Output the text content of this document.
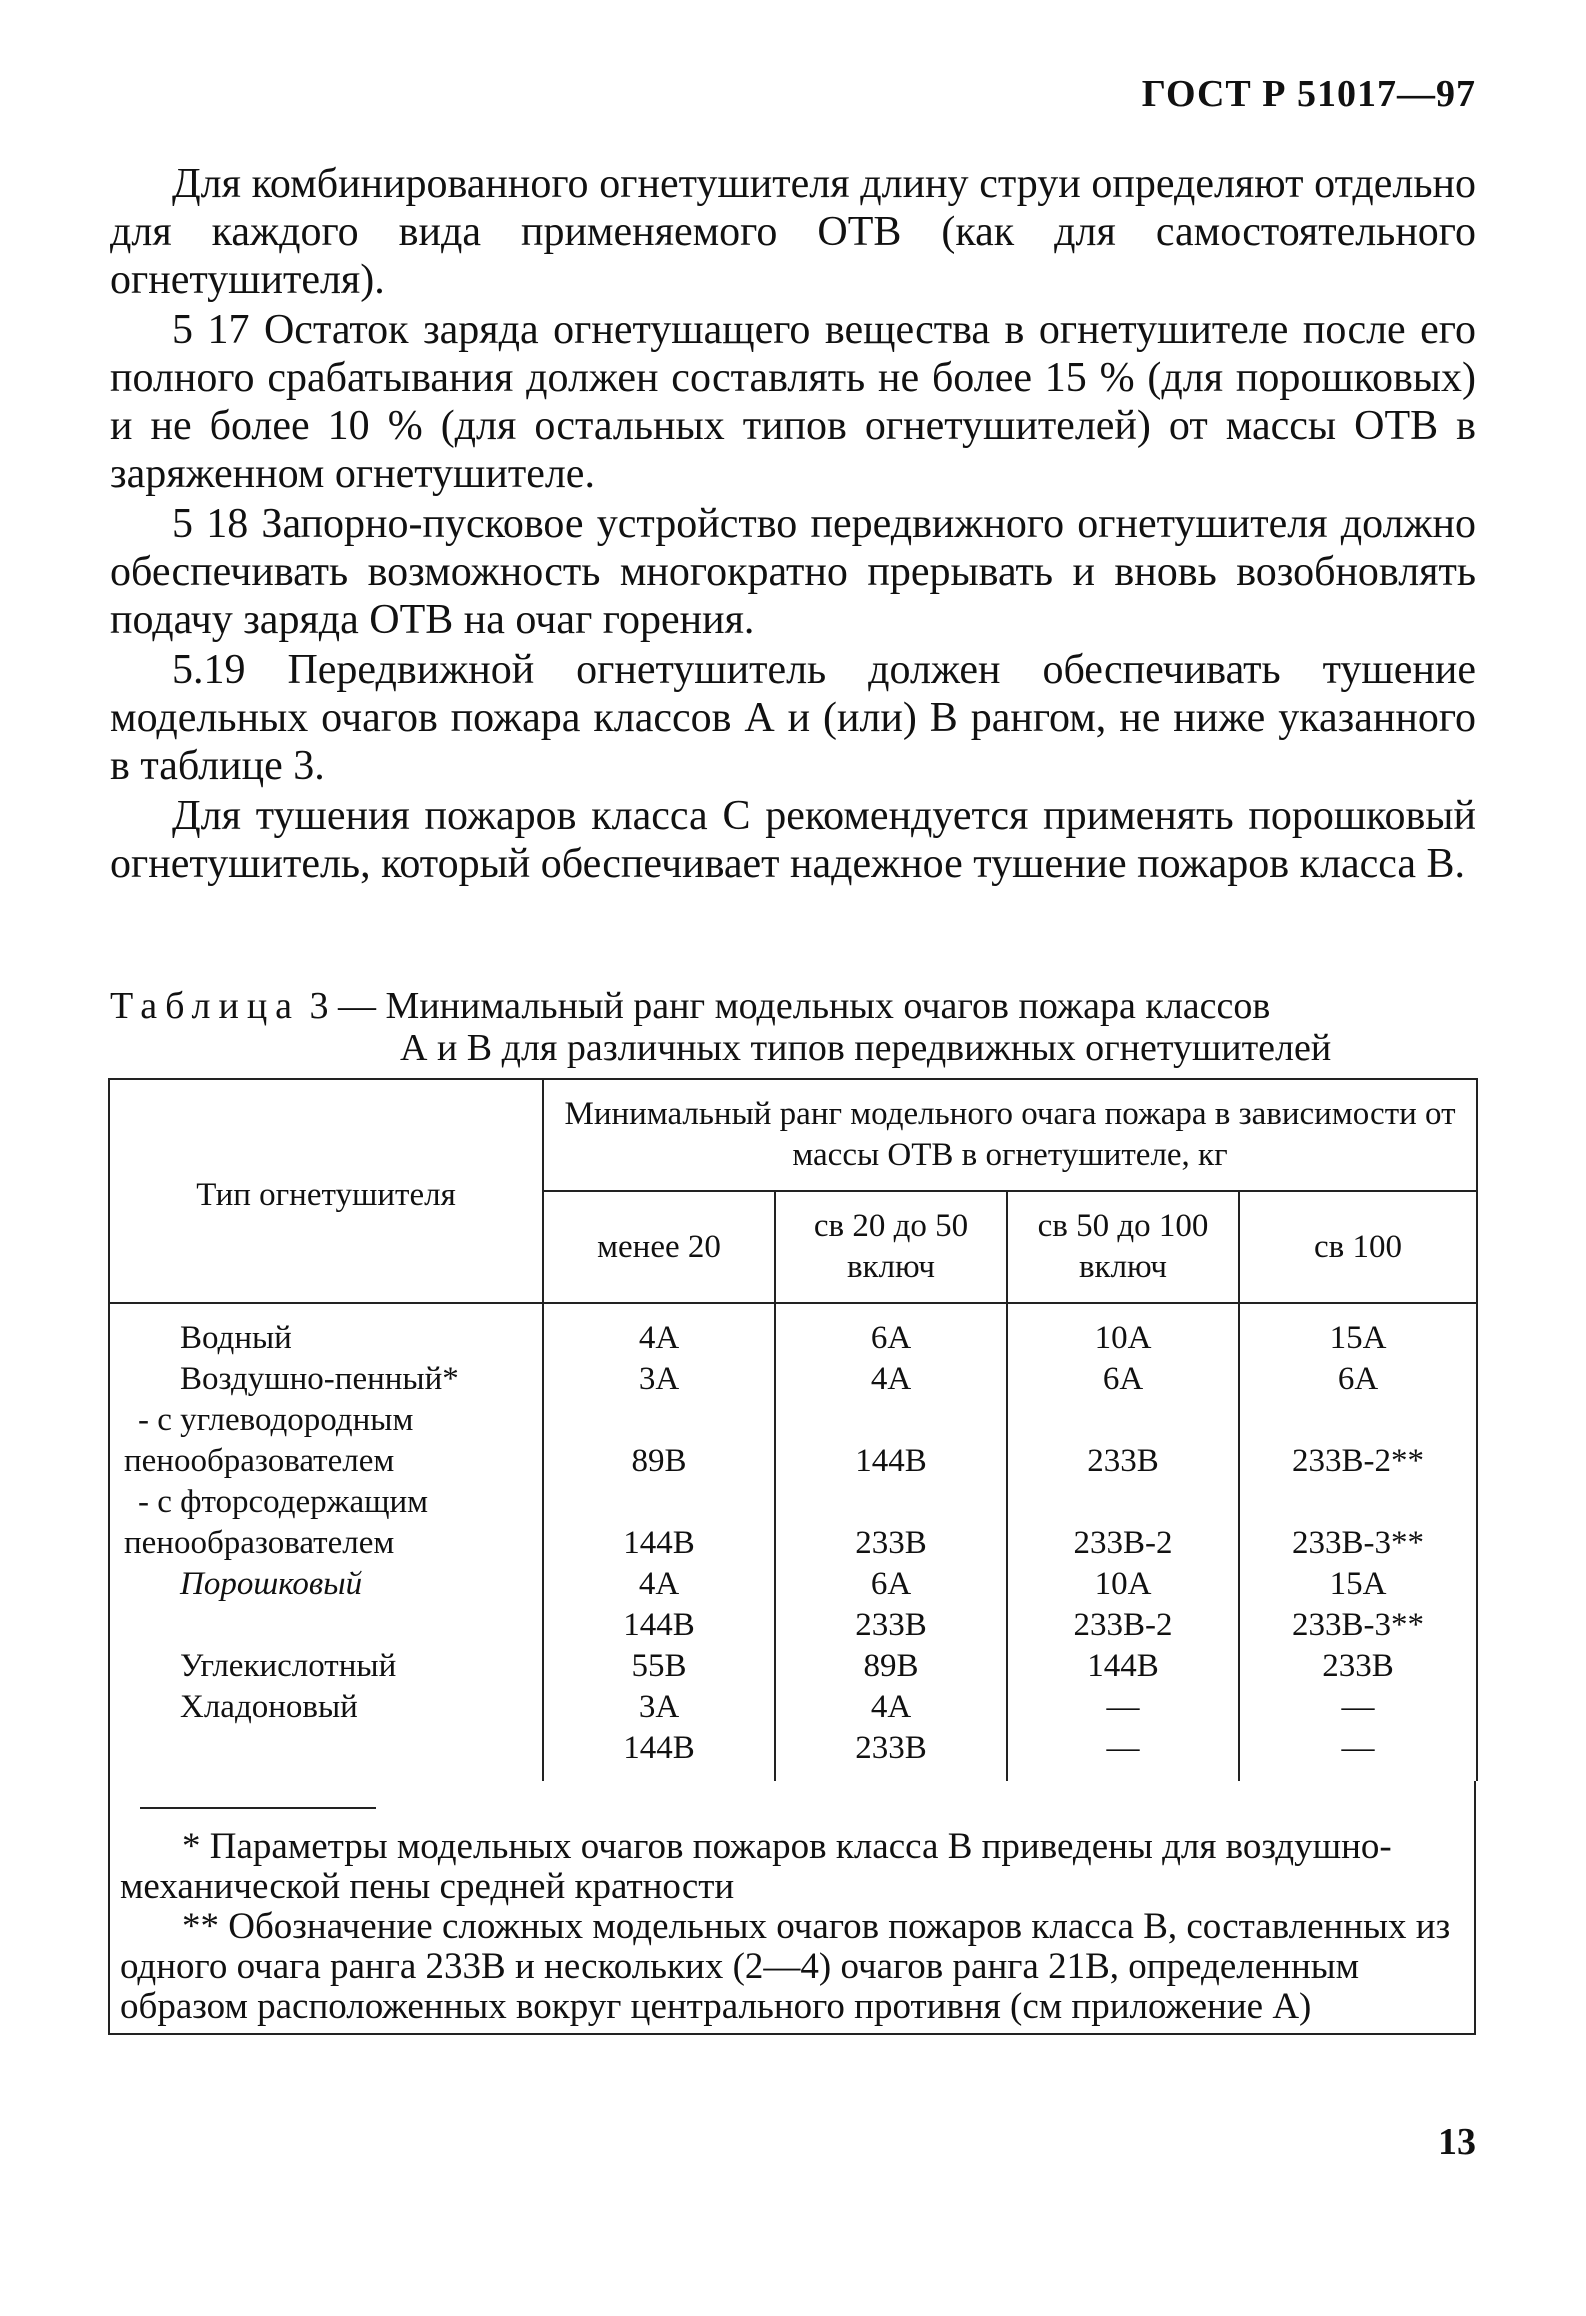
ГОСТ Р 51017—97

Для комбинированного огнетушителя длину струи определяют отдельно для каждого вида применяемого ОТВ (как для самостоятельного огнетушителя).

5 17 Остаток заряда огнетушащего вещества в огнетушителе после его полного срабатывания должен составлять не более 15 % (для порошковых) и не более 10 % (для остальных типов огнетушителей) от массы ОТВ в заряженном огнетушителе.

5 18 Запорно-пусковое устройство передвижного огнетушителя должно обеспечивать возможность многократно прерывать и вновь возобновлять подачу заряда ОТВ на очаг горения.

5.19 Передвижной огнетушитель должен обеспечивать тушение модельных очагов пожара классов А и (или) В рангом, не ниже указанного в таблице 3.

Для тушения пожаров класса С рекомендуется применять порошковый огнетушитель, который обеспечивает надежное тушение пожаров класса В.

Таблица 3 — Минимальный ранг модельных очагов пожара классов
А и В для различных типов передвижных огнетушителей
Тип огнетушителя	Минимальный ранг модельного очага пожара в зависимости от массы ОТВ в огнетушителе, кг			
	менее 20	св 20 до 50 включ	св 50 до 100 включ	св 100
Водный	4А	6А	10А	15А
Воздушно-пенный*	3А	4А	6А	6А
- с углеводородным				
пенообразователем	89В	144В	233В	233В-2**
- с фторсодержащим				
пенообразователем	144В	233В	233В-2	233В-3**
Порошковый	4А	6А	10А	15А
	144В	233В	233В-2	233В-3**
Углекислотный	55В	89В	144В	233В
Хладоновый	3А	4А	—	—
	144В	233В	—	—

* Параметры модельных очагов пожаров класса В приведены для воздушно-механической пены средней кратности

** Обозначение сложных модельных очагов пожаров класса В, составленных из одного очага ранга 233В и нескольких (2—4) очагов ранга 21В, определенным образом расположенных вокруг центрального противня (см приложение А)

13
